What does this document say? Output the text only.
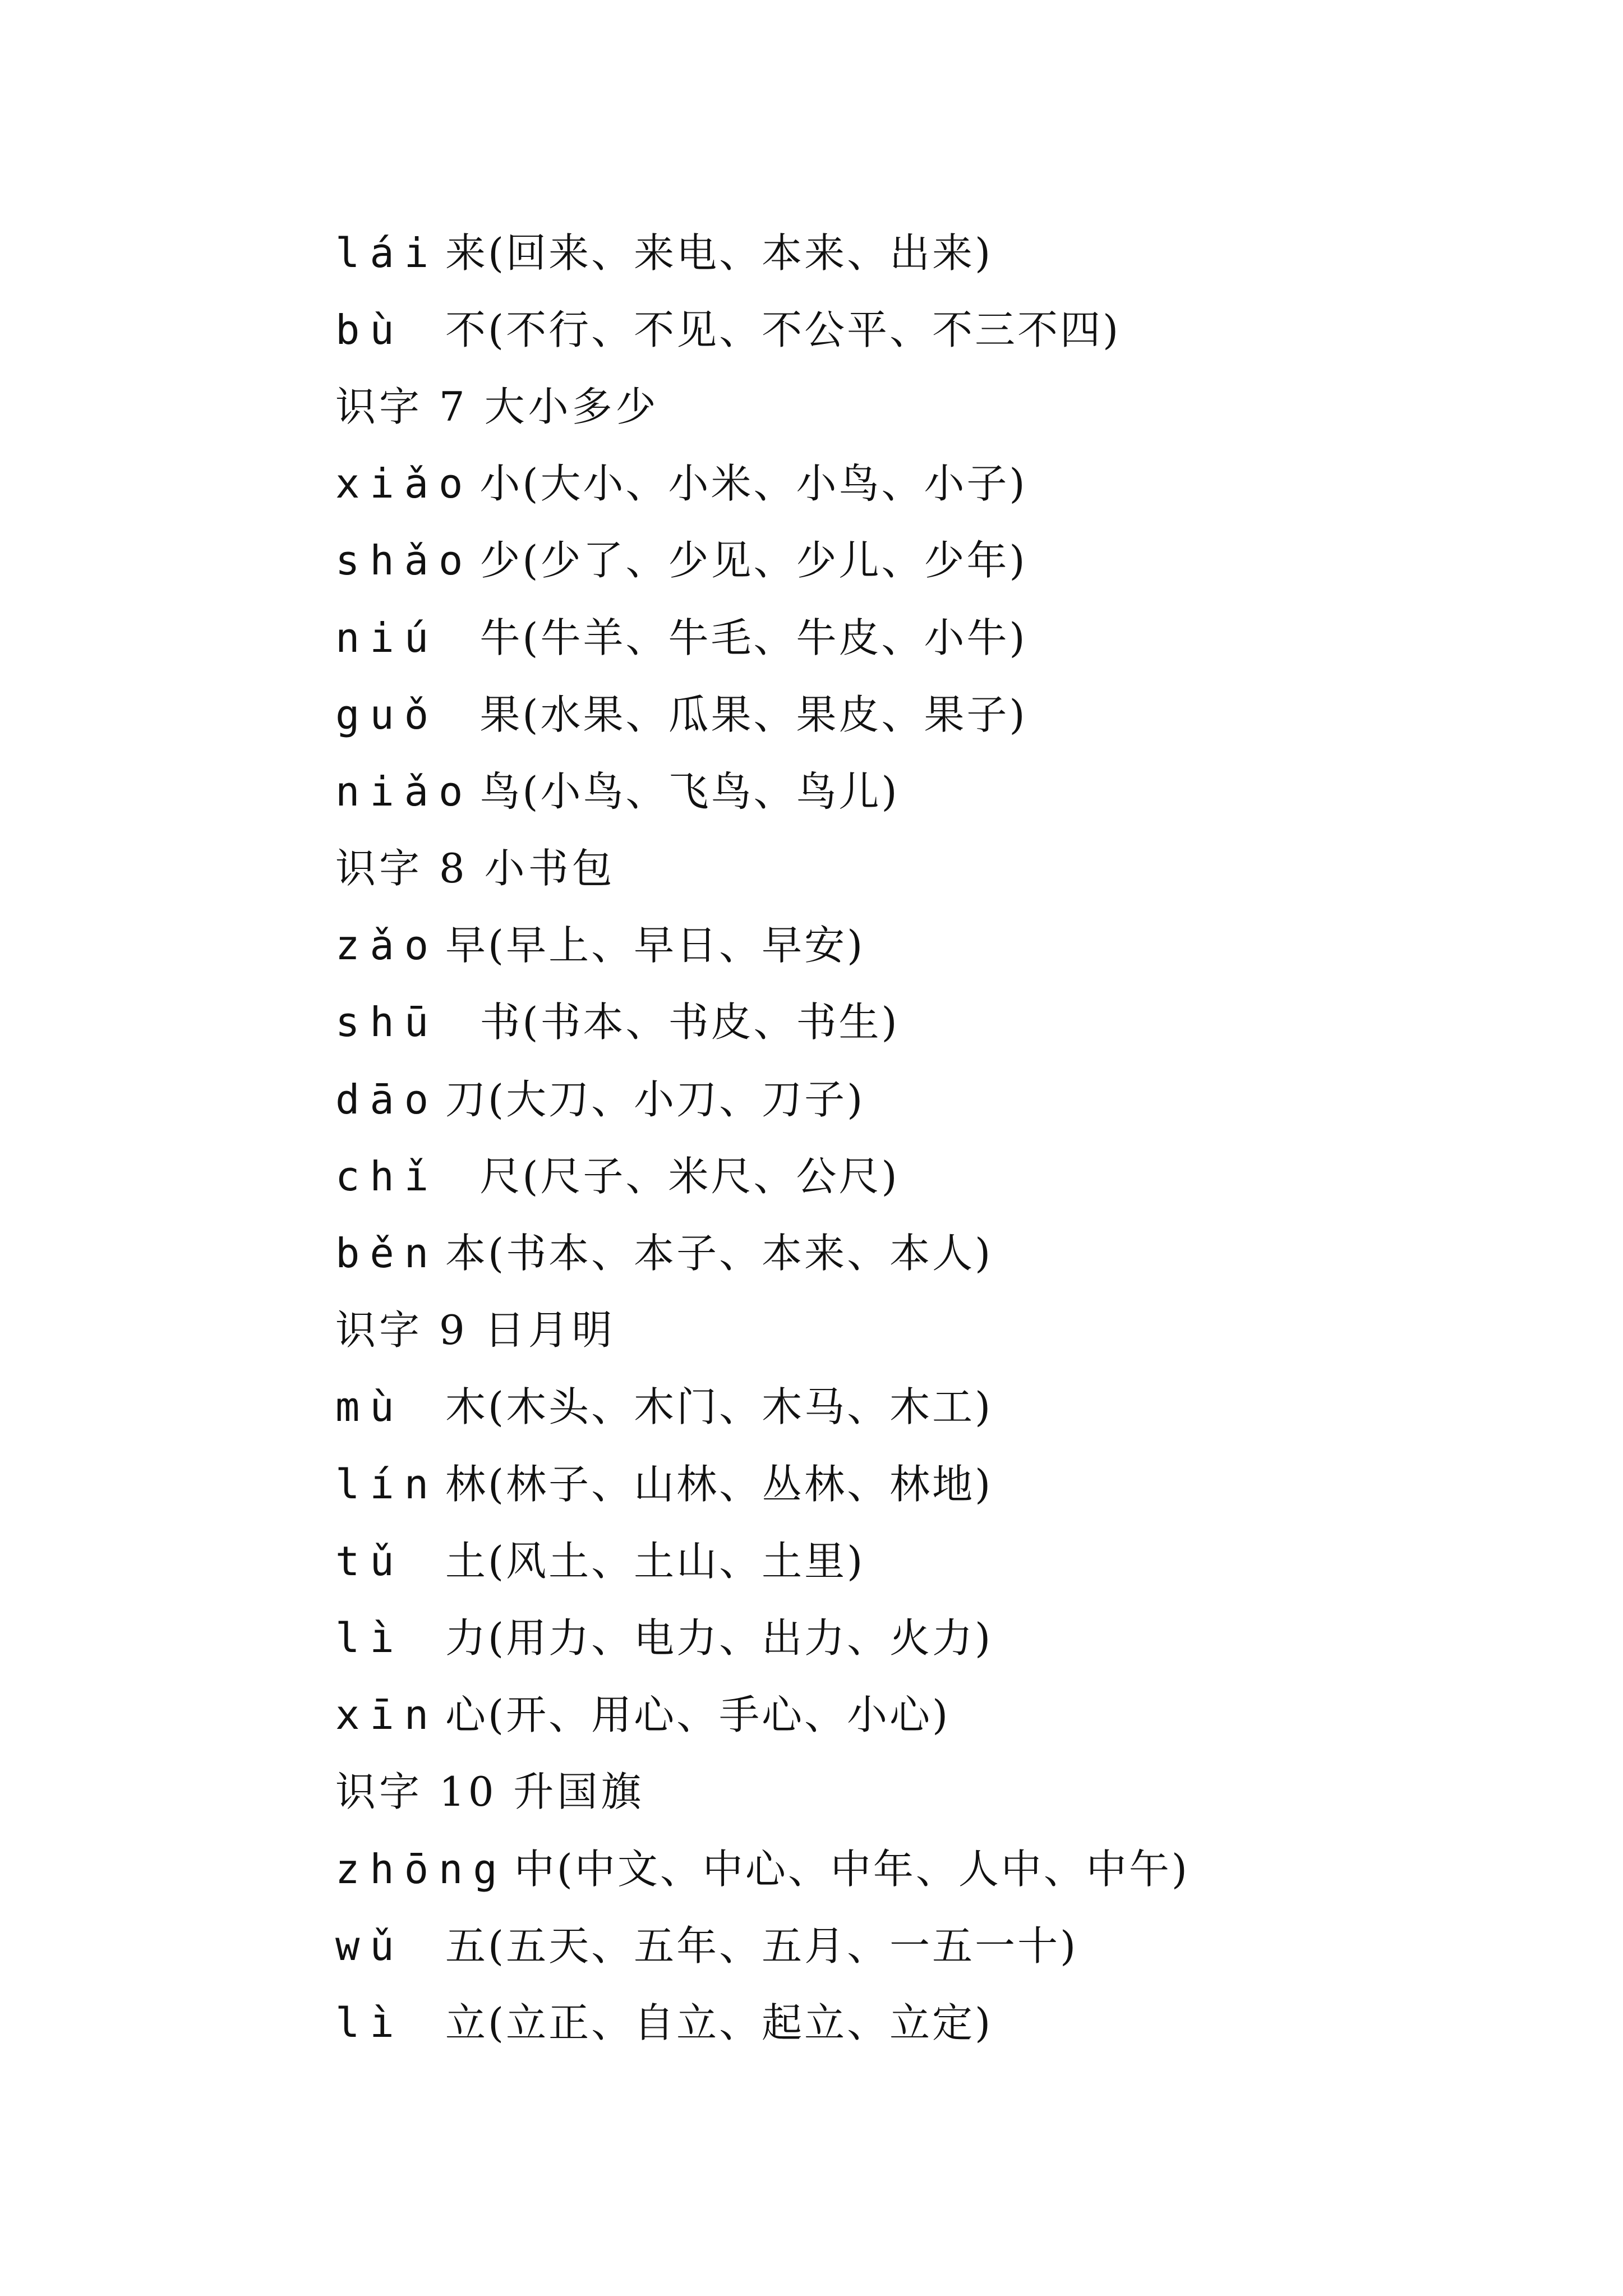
lái 来(回来、来电、本来、出来)
bù 不(不行、不见、不公平、不三不四)
识字 7 大小多少
xiǎo 小(大小、小米、小鸟、小子)
shǎo 少(少了、少见、少儿、少年)
niú 牛(牛羊、牛毛、牛皮、小牛)
guǒ 果(水果、瓜果、果皮、果子)
niǎo 鸟(小鸟、飞鸟、鸟儿)
识字 8 小书包
zǎo 早(早上、早日、早安)
shū 书(书本、书皮、书生)
dāo 刀(大刀、小刀、刀子)
chǐ 尺(尺子、米尺、公尺)
běn 本(书本、本子、本来、本人)
识字 9 日月明
mù 木(木头、木门、木马、木工)
lín 林(林子、山林、丛林、林地)
tǔ 土(风土、土山、土里)
lì 力(用力、电力、出力、火力)
xīn 心(开、用心、手心、小心)
识字 10 升国旗
zhōng 中(中文、中心、中年、人中、中午)
wǔ 五(五天、五年、五月、一五一十)
lì 立(立正、自立、起立、立定)
